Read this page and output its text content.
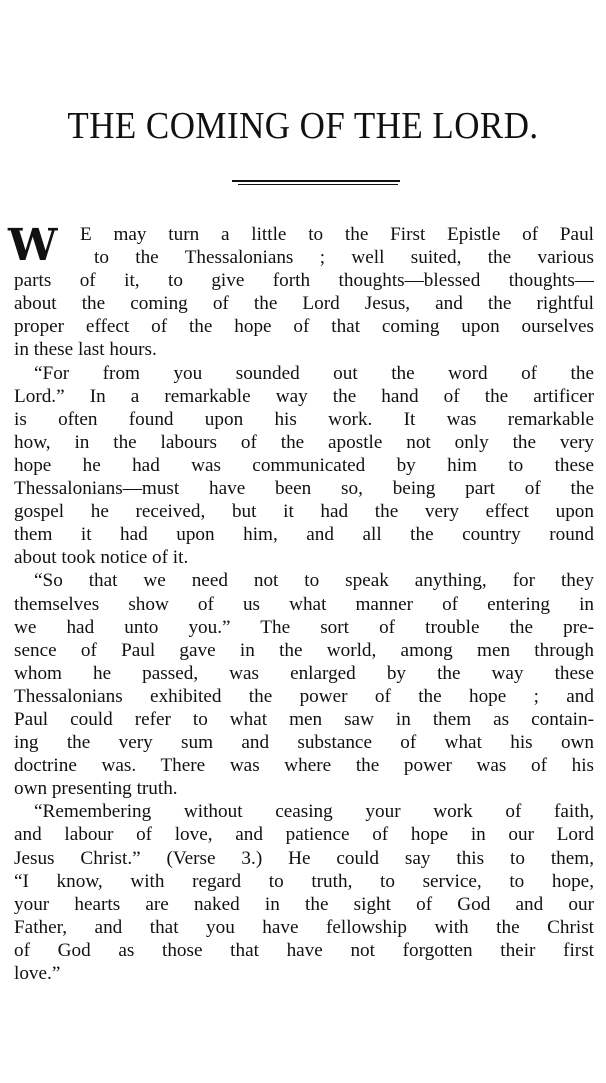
THE COMING OF THE LORD.
W	E may turn a little to the First Epistle of Paul
to the Thessalonians ; well suited, the various
parts of it, to give forth thoughts—blessed thoughts—
about the coming of the Lord Jesus, and the rightful
proper effect of the hope of that coming upon ourselves
in these last hours.
“For from you sounded out the word of the
Lord.” In a remarkable way the hand of the artificer
is often found upon his work. It was remarkable
how, in the labours of the apostle not only the very
hope he had was communicated by him to these
Thessalonians—must have been so, being part of the
gospel he received, but it had the very effect upon
them it had upon him, and all the country round
about took notice of it.
“So that we need not to speak anything, for they
themselves show of us what manner of entering in
we had unto you.” The sort of trouble the pre-
sence of Paul gave in the world, among men through
whom he passed, was enlarged by the way these
Thessalonians exhibited the power of the hope ; and
Paul could refer to what men saw in them as contain-
ing the very sum and substance of what his own
doctrine was. There was where the power was of his
own presenting truth.
“Remembering without ceasing your work of faith,
and labour of love, and patience of hope in our Lord
Jesus Christ.” (Verse 3.) He could say this to them,
“I know, with regard to truth, to service, to hope,
your hearts are naked in the sight of God and our
Father, and that you have fellowship with the Christ
of God as those that have not forgotten their first
love.”
